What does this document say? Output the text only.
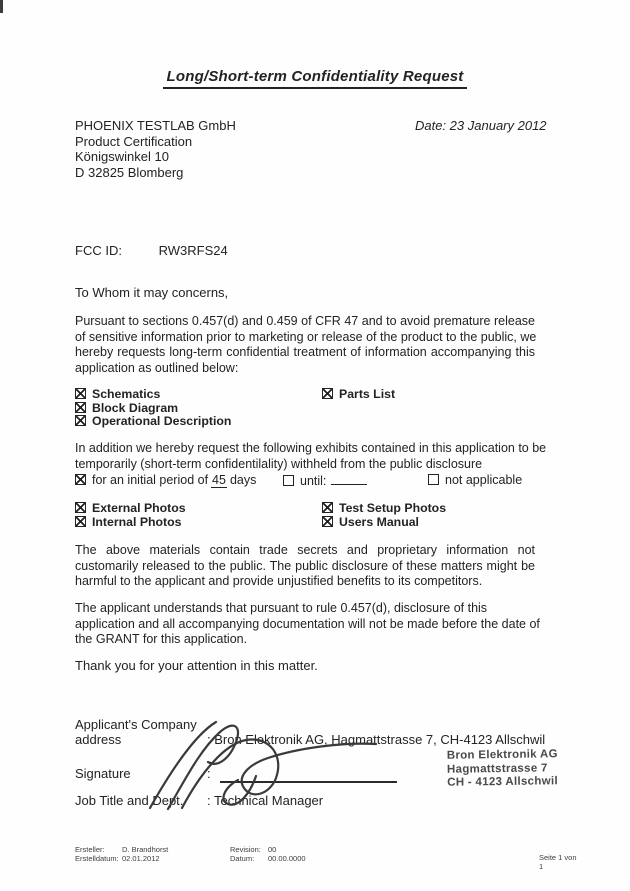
Long/Short-term Confidentiality Request
PHOENIX TESTLAB GmbH
Product Certification
Königswinkel 10
D 32825 Blomberg
Date: 23 January 2012
FCC ID:	RW3RFS24
To Whom it may concerns,
Pursuant to sections 0.457(d) and 0.459 of CFR 47 and to avoid premature release
of sensitive information prior to marketing or release of the product to the public, we
hereby requests long-term confidential treatment of information accompanying this
application as outlined below:
Schematics
Block Diagram
Operational Description
Parts List
In addition we hereby request the following exhibits contained in this application to be
temporarily (short-term confidentilality) withheld from the public disclosure
for an initial period of 45 days	until:	not applicable
External Photos
Internal Photos
Test Setup Photos
Users Manual
The above materials contain trade secrets and proprietary information not
customarily released to the public. The public disclosure of these matters might be
harmful to the applicant and provide unjustified benefits to its competitors.
The applicant understands that pursuant to rule 0.457(d), disclosure of this
application and all accompanying documentation will not be made before the date of
the GRANT for this application.
Thank you for your attention in this matter.
Applicant's Company
address	: Bron Elektronik AG, Hagmattstrasse 7, CH-4123 Allschwil
Signature	:
Job Title and Dept. : Technical Manager
Bron Elektronik AG
Hagmattstrasse 7
CH - 4123 Allschwil
Ersteller: D. Brandhorst
Erstelldatum: 02.01.2012
Revision: 00
Datum: 00.00.0000	Seite 1 von 1
